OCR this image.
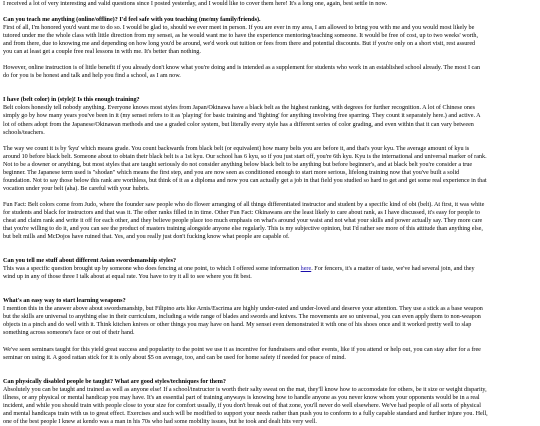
I received a lot of very interesting and valid questions since I posted yesterday, and I would like to cover them here! It's a long one, again, best settle in now.

Can you teach me anything (online/offline)? I'd feel safe with you teaching (me/my family/friends).

First of all, I'm honored you'd want me to do so. I would be glad to, should we ever meet in person. If you are ever in my area, I am allowed to bring you with me and you would most likely be
tutored under me the whole class with little direction from my sensei, as he would want me to have the experience mentoring/teaching someone. It would be free of cost, up to two weeks' worth,
and from there, due to knowing me and depending on how long you'd be around, we'd work out tuition or fees from there and potential discounts. But if you're only on a short visit, rest assured
you can at least get a couple free real lessons in with me. It's better than nothing.

However, online instruction is of little benefit if you already don't know what you're doing and is intended as a supplement for students who work in an established school already. The most I can
do for you is be honest and talk and help you find a school, as I am now.

I have (belt color) in (style)! Is this enough training?

Belt colors honestly tell nobody anything. Everyone knows most styles from Japan/Okinawa have a black belt as the highest ranking, with degrees for further recognition. A lot of Chinese ones
simply go by how many years you've been in it (my sensei refers to it as 'playing' for basic training and 'fighting' for anything involving free sparring. They count it separately here.) and active. A
lot of others adopt from the Japanese/Okinawan methods and use a graded color system, but literally every style has a different series of color grading, and even within that it can vary between
schools/teachers.

The way we count it is by 'kyu' which means grade. You count backwards from black belt (or equivalent) how many belts you are before it, and that's your kyu. The average amount of kyu is
around 10 before black belt. Someone about to obtain their black belt is a 1st kyu. Our school has 6 kyu, so if you just start off, you're 6th kyu. Kyu is the international and universal marker of rank.
Not to be a downer or anything, but most styles that are taught seriously do not consider anything below black belt to be anything but before beginner's, and at black belt you're consider a true
beginner. The Japanese term used is "shodan" which means the first step, and you are now seen as conditioned enough to start more serious, lifelong training now that you've built a solid
foundation. Not to say those below this rank are worthless, but think of it as a diploma and now you can actually get a job in that field you studied so hard to get and get some real experience in that
vocation under your belt (aha). Be careful with your hubris.

Fun Fact: Belt colors come from Judo, where the founder saw people who do flower arranging of all things differentiated instructor and student by a specific kind of obi (belt). At first, it was white
for students and black for instructors and that was it. The other ranks filled in in time. Other Fun Fact: Okinawans are the least likely to care about rank, as I have discussed, it's easy for people to
cheat and claim rank and write it off for each other, and they believe people place too much emphasis on what's around your waist and not what your skills and power actually say. They more care
that you're willing to do it, and you can see the product of masters training alongside anyone else regularly. This is my subjective opinion, but I'd rather see more of this attitude than anything else,
but belt mills and McDojos have ruined that. Yes, and you really just don't fucking know what people are capable of.

Can you tell me stuff about different Asian swordsmanship styles?

This was a specific question brought up by someone who does fencing at one point, to which I offered some information here. For fencers, it's a matter of taste, we've had several join, and they
wind up in any of those three I talk about at equal rate. You have to try it all to see where you fit best.

What's an easy way to start learning weapons?

I mention this in the answer above about swordsmanship, but Filipino arts like Arnis/Escrima are highly under-rated and under-loved and deserve your attention. They use a stick as a base weapon
but the skills are universal to anything else in their curriculum, including a wide range of blades and swords and knives. The movements are so universal, you can even apply them to non-weapon
objects in a pinch and do well with it. Think kitchen knives or other things you may have on hand. My sensei even demonstrated it with one of his shoes once and it worked pretty well to slap
something across someone's face or out of their hand.

We've seen seminars taught for this yield great success and popularity to the point we use it as incentive for fundraisers and other events, like if you attend or help out, you can stay after for a free
seminar on using it. A good rattan stick for it is only about $5 on average, too, and can be used for home safety if needed for peace of mind.

Can physically disabled people be taught? What are good styles/techniques for them?

Absolutely you can be taught and trained as well as anyone else! If a school/instructor is worth their salty sweat on the mat, they'll know how to accomodate for others, be it size or weight disparity,
illness, or any physical or mental handicap you may have. It's an essential part of training anyways is knowing how to handle anyone as you never know whom your opponents would be in a real
incident, and while you should train with people close to your size for comfort usually, if you don't break out of that zone, you'll never do well elsewhere. We've had people of all sorts of physical
and mental handicaps train with us to great effect. Exercises and such will be modified to support your needs rather than push you to conform to a fully capable standard and further injure you. Hell,
one of the best people I knew at kendo was a man in his 70s who had some mobility issues, but he took and dealt hits very well.
